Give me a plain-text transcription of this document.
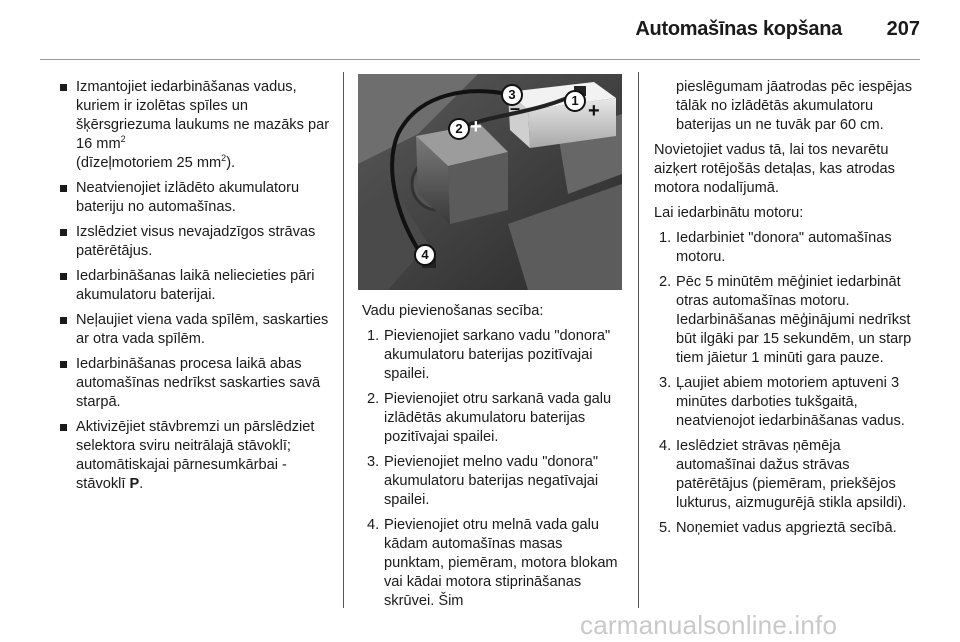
Automašīnas kopšana 207
Izmantojiet iedarbināšanas vadus, kuriem ir izolētas spīles un šķērsgriezuma laukums ne mazāks par 16 $mm^2$
(dīzeļmotoriem 25 $mm^2$).
Neatvienojiet izlādēto akumulatoru bateriju no automašīnas.
Izslēdziet visus nevajadzīgos strāvas patērētājus.
Iedarbināšanas laikā neliecieties pāri akumulatoru baterijai.
Neļaujiet viena vada spīlēm, saskarties ar otra vada spīlēm.
Iedarbināšanas procesa laikā abas automašīnas nedrīkst saskarties savā starpā.
Aktivizējiet stāvbremzi un pārslēdziet selektora sviru neitrālajā stāvoklī; automātiskajai pārnesumkārbai - stāvoklī P.
1
2
3
4
+
+
–

Vadu pievienošanas secība:

1. Pievienojiet sarkano vadu "donora" akumulatoru baterijas pozitīvajai spailei.
2. Pievienojiet otru sarkanā vada galu izlādētās akumulatoru baterijas pozitīvajai spailei.
3. Pievienojiet melno vadu "donora" akumulatoru baterijas negatīvajai spailei.
4. Pievienojiet otru melnā vada galu kādam automašīnas masas punktam, piemēram, motora blokam vai kādai motora stiprināšanas skrūvei. Šim

pieslēgumam jāatrodas pēc iespējas tālāk no izlādētās akumulatoru baterijas un ne tuvāk par 60 cm.

Novietojiet vadus tā, lai tos nevarētu aizķert rotējošās detaļas, kas atrodas motora nodalījumā.

Lai iedarbinātu motoru:

1. Iedarbiniet "donora" automašīnas motoru.
2. Pēc 5 minūtēm mēģiniet iedarbināt otras automašīnas motoru. Iedarbināšanas mēģinājumi nedrīkst būt ilgāki par 15 sekundēm, un starp tiem jāietur 1 minūti gara pauze.
3. Ļaujiet abiem motoriem aptuveni 3 minūtes darboties tukšgaitā, neatvienojot iedarbināšanas vadus.
4. Ieslēdziet strāvas ņēmēja automašīnai dažus strāvas patērētājus (piemēram, priekšējos lukturus, aizmugurējā stikla apsildi).
5. Noņemiet vadus apgrieztā secībā.
carmanualsonline.info
